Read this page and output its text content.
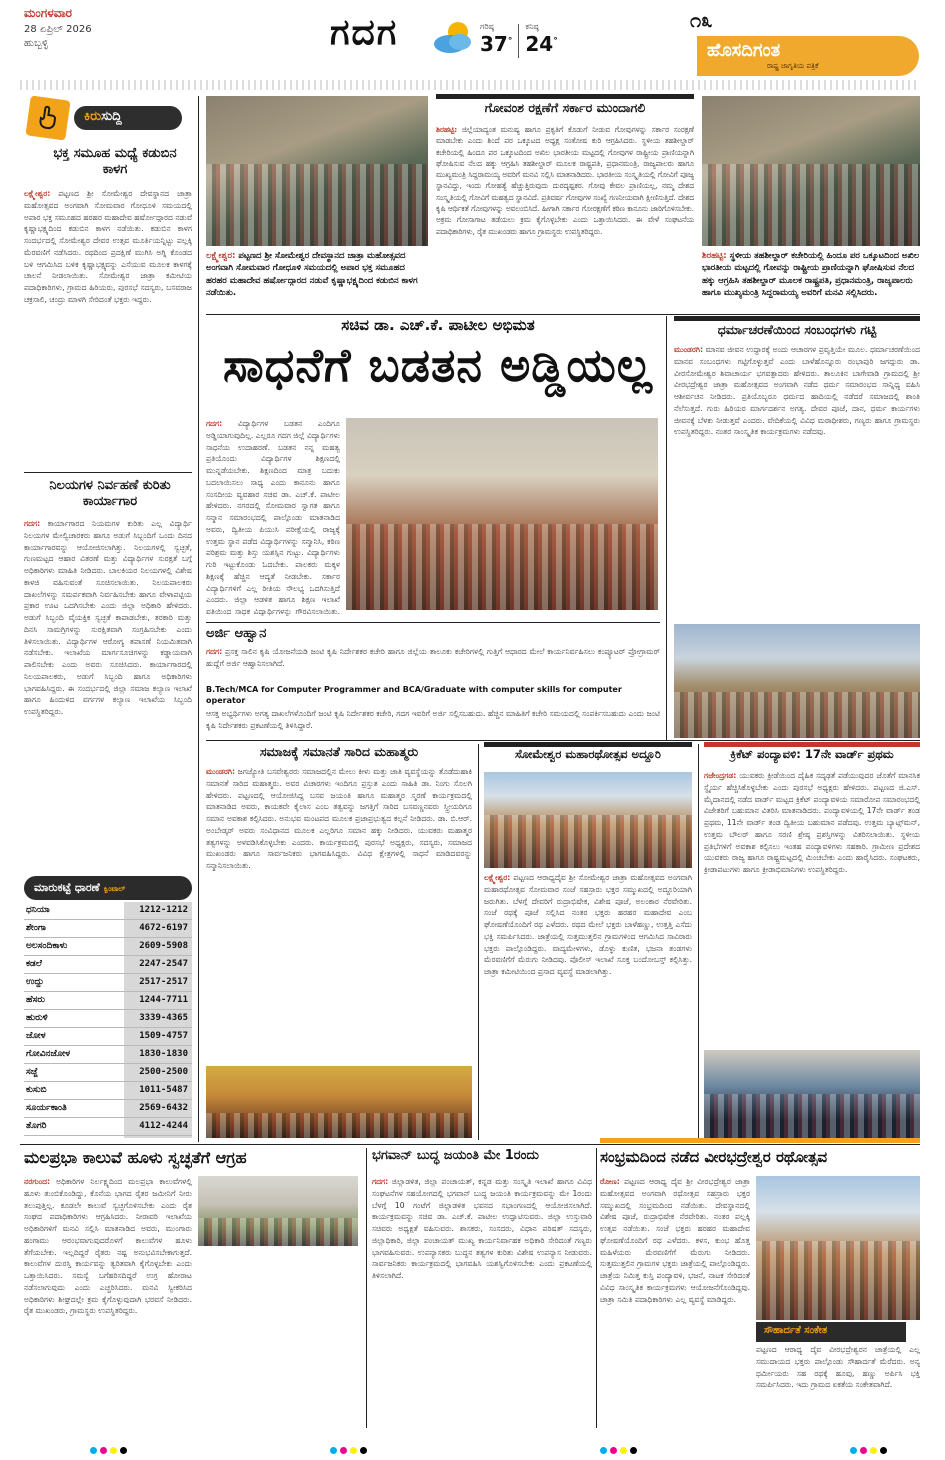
ಮಂಗಳವಾರ
28 ಏಪ್ರಿಲ್ 2026
ಹುಬ್ಬಳ್ಳಿ	ಗದಗ	ಗರಿಷ್ಠ
37°
ಕನಿಷ್ಠ
24°
೧೩
ಹೊಸದಿಗಂತ
ರಾಷ್ಟ್ರ ಜಾಗೃತಿಯ ಪತ್ರಿಕೆ
ಕಿರುಸುದ್ದಿ
ಭಕ್ತ ಸಮೂಹ ಮಧ್ಯೆ ಕಡುಬಿನ ಕಾಳಗ
ಲಕ್ಷ್ಮೇಶ್ವರ: ಪಟ್ಟಣದ ಶ್ರೀ ಸೋಮೇಶ್ವರ ದೇವಸ್ಥಾನದ ಜಾತ್ರಾ ಮಹೋತ್ಸವದ ಅಂಗವಾಗಿ ಸೋಮವಾರ ಗೋಧೂಳಿ ಸಮಯದಲ್ಲಿ ಅಪಾರ ಭಕ್ತ ಸಮೂಹದ ಹರಹರ ಮಹಾದೇವ ಹರ್ಷೋದ್ಗಾರದ ನಡುವೆ ಕೃಷ್ಣಾಭಕ್ಷ್ಯದಿಂದ ಕಡುಬಿನ ಕಾಳಗ ನಡೆಯಿತು. ಕಡುಬಿನ ಕಾಳಗ ಸಂದರ್ಭದಲ್ಲಿ ಸೋಮೇಶ್ವರ ದೇವರ ಉತ್ಸವ ಮೂರ್ತಿಯನ್ನಿಟ್ಟು ಪಲ್ಲಕ್ಕಿ ಮೆರವಣಿಗೆ ನಡೆಸಿದರು. ರಥದಿಂದ ಪ್ರದಕ್ಷಿಣೆ ಮುಗಿಸಿ ಅಗ್ನಿ ಕೊಂಡದ ಬಳಿ ಆಗಮಿಸಿದ ಬಳಿಕ ಕೃಷ್ಣಾಭಕ್ಷ್ಯವನ್ನು ಎಸೆಯುವ ಮೂಲಕ ಕಾಳಗಕ್ಕೆ ಚಾಲನೆ ನೀಡಲಾಯಿತು. ಸೋಮೇಶ್ವರ ಜಾತ್ರಾ ಕಮೀಟಿಯ ಪದಾಧಿಕಾರಿಗಳು, ಗ್ರಾಮದ ಹಿರಿಯರು, ಪುರಸಭೆ ಸದಸ್ಯರು, ಬಸವರಾಜ ಚಕ್ರಸಾಲಿ, ಚಂದ್ರು ಮಾಳಗಿ ಸೇರಿದಂತೆ ಭಕ್ತರು ಇದ್ದರು.
ನಿಲಯಗಳ ನಿರ್ವಹಣೆ ಕುರಿತು ಕಾರ್ಯಾಗಾರ
ಗದಗ: ಕಾರ್ಯಾಗಾರದ ನಿಯಮಗಳ ಕುರಿತು ಎಲ್ಲ ವಿದ್ಯಾರ್ಥಿ ನಿಲಯಗಳ ಮೇಲ್ವಿಚಾರಕರು ಹಾಗೂ ಅಡುಗೆ ಸಿಬ್ಬಂದಿಗೆ ಒಂದು ದಿನದ ಕಾರ್ಯಾಗಾರವನ್ನು ಆಯೋಜಿಸಲಾಗಿತ್ತು. ನಿಲಯಗಳಲ್ಲಿ ಸ್ವಚ್ಛತೆ, ಗುಣಮಟ್ಟದ ಆಹಾರ ವಿತರಣೆ ಮತ್ತು ವಿದ್ಯಾರ್ಥಿಗಳ ಸುರಕ್ಷತೆ ಬಗ್ಗೆ ಅಧಿಕಾರಿಗಳು ಮಾಹಿತಿ ನೀಡಿದರು. ಬಾಲಕಿಯರ ನಿಲಯಗಳಲ್ಲಿ ವಿಶೇಷ ಕಾಳಜಿ ವಹಿಸುವಂತೆ ಸೂಚಿಸಲಾಯಿತು. ನಿಲಯಪಾಲಕರು ದಾಖಲೆಗಳನ್ನು ಸಮರ್ಪಕವಾಗಿ ನಿರ್ವಹಿಸಬೇಕು ಹಾಗೂ ವೇಳಾಪಟ್ಟಿಯ ಪ್ರಕಾರ ಊಟ ಒದಗಿಸಬೇಕು ಎಂದು ಜಿಲ್ಲಾ ಅಧಿಕಾರಿ ಹೇಳಿದರು. ಅಡುಗೆ ಸಿಬ್ಬಂದಿ ವೈಯಕ್ತಿಕ ಸ್ವಚ್ಛತೆ ಕಾಪಾಡಬೇಕು, ತರಕಾರಿ ಮತ್ತು ದಿನಸಿ ಸಾಮಗ್ರಿಗಳನ್ನು ಸುರಕ್ಷಿತವಾಗಿ ಸಂಗ್ರಹಿಸಬೇಕು ಎಂದು ತಿಳಿಸಲಾಯಿತು. ವಿದ್ಯಾರ್ಥಿಗಳ ಆರೋಗ್ಯ ತಪಾಸಣೆ ನಿಯಮಿತವಾಗಿ ನಡೆಸಬೇಕು. ಇಲಾಖೆಯ ಮಾರ್ಗಸೂಚಿಗಳನ್ನು ಕಡ್ಡಾಯವಾಗಿ ಪಾಲಿಸಬೇಕು ಎಂದು ಅವರು ಸೂಚಿಸಿದರು. ಕಾರ್ಯಾಗಾರದಲ್ಲಿ ನಿಲಯಪಾಲಕರು, ಅಡುಗೆ ಸಿಬ್ಬಂದಿ ಹಾಗೂ ಅಧಿಕಾರಿಗಳು ಭಾಗವಹಿಸಿದ್ದರು. ಈ ಸಂದರ್ಭದಲ್ಲಿ ಜಿಲ್ಲಾ ಸಮಾಜ ಕಲ್ಯಾಣ ಇಲಾಖೆ ಹಾಗೂ ಹಿಂದುಳಿದ ವರ್ಗಗಳ ಕಲ್ಯಾಣ ಇಲಾಖೆಯ ಸಿಬ್ಬಂದಿ ಉಪಸ್ಥಿತರಿದ್ದರು.
ಮಾರುಕಟ್ಟೆ ಧಾರಣೆ ಕ್ವಿಂಟಾಲ್
ಧನಿಯಾ	1212-1212
ಶೇಂಗಾ	4672-6197
ಅಲಸಂದಿಕಾಳು	2609-5908
ಕಡಲೆ	2247-2547
ಉದ್ದು	2517-2517
ಹೆಸರು	1244-7711
ಹುರುಳಿ	3339-4365
ಜೋಳ	1509-4757
ಗೋವಿನಜೋಳ	1830-1830
ಸಜ್ಜೆ	2500-2500
ಕುಸುಬಿ	1011-5487
ಸೂರ್ಯಕಾಂತಿ	2569-6432
ತೊಗರಿ	4112-4244
ಲಕ್ಷ್ಮೇಶ್ವರ: ಪಟ್ಟಣದ ಶ್ರೀ ಸೋಮೇಶ್ವರ ದೇವಸ್ಥಾನದ ಜಾತ್ರಾ ಮಹೋತ್ಸವದ ಅಂಗವಾಗಿ ಸೋಮವಾರ ಗೋಧೂಳಿ ಸಮಯದಲ್ಲಿ ಅಪಾರ ಭಕ್ತ ಸಮೂಹದ ಹರಹರ ಮಹಾದೇವ ಹರ್ಷೋದ್ಗಾರದ ನಡುವೆ ಕೃಷ್ಣಾಭಕ್ಷ್ಯದಿಂದ ಕಡುಬಿನ ಕಾಳಗ ನಡೆಯಿತು.
ಗೋವಂಶ ರಕ್ಷಣೆಗೆ ಸರ್ಕಾರ ಮುಂದಾಗಲಿ
ಶಿರಹಟ್ಟಿ: ಜಿಲ್ಲೆಯಾದ್ಯಂತ ಮನುಷ್ಯ ಹಾಗೂ ಪ್ರಕೃತಿಗೆ ಕೊಡುಗೆ ನೀಡುವ ಗೋವುಗಳನ್ನು ಸರ್ಕಾರ ಸಂರಕ್ಷಣೆ ಮಾಡಬೇಕು ಎಂದು ಶಿಂದೆ ಪರ ಒಕ್ಕೂಟದ ಅಧ್ಯಕ್ಷ ಸಂತೋಷ ಕುರಿ ಆಗ್ರಹಿಸಿದರು. ಸ್ಥಳೀಯ ತಹಶೀಲ್ದಾರ್ ಕಚೇರಿಯಲ್ಲಿ ಹಿಂದೂ ಪರ ಒಕ್ಕೂಟದಿಂದ ಅಖಿಲ ಭಾರತೀಯ ಮಟ್ಟದಲ್ಲಿ ಗೋವುಗಳ ರಾಷ್ಟ್ರೀಯ ಪ್ರಾಣಿಯನ್ನಾಗಿ ಘೋಷಿಸುವ ನೆಲದ ಹಕ್ಕು ಆಗ್ರಹಿಸಿ ತಹಶೀಲ್ದಾರ್ ಮೂಲಕ ರಾಷ್ಟ್ರಪತಿ, ಪ್ರಧಾನಮಂತ್ರಿ, ರಾಜ್ಯಪಾಲರು ಹಾಗೂ ಮುಖ್ಯಮಂತ್ರಿ ಸಿದ್ದರಾಮಯ್ಯ ಅವರಿಗೆ ಮನವಿ ಸಲ್ಲಿಸಿ ಮಾತನಾಡಿದರು. ಭಾರತೀಯ ಸಂಸ್ಕೃತಿಯಲ್ಲಿ ಗೋವಿಗೆ ಪೂಜ್ಯ ಸ್ಥಾನವಿದ್ದು, ಇಂದು ಗೋಹತ್ಯೆ ಹೆಚ್ಚುತ್ತಿರುವುದು ದುರದೃಷ್ಟಕರ. ಗೋವು ಕೇವಲ ಪ್ರಾಣಿಯಲ್ಲ, ನಮ್ಮ ದೇಶದ ಸಂಸ್ಕೃತಿಯಲ್ಲಿ ಗೋವಿಗೆ ಮಹತ್ವದ ಸ್ಥಾನವಿದೆ. ಪ್ರತಿವರ್ಷ ಗೋವುಗಳ ಸಂಖ್ಯೆ ಗಣನೀಯವಾಗಿ ಕ್ಷೀಣಿಸುತ್ತಿದೆ. ದೇಶದ ಕೃಷಿ ಆರ್ಥಿಕತೆ ಗೋವುಗಳನ್ನು ಅವಲಂಬಿಸಿದೆ. ಹೀಗಾಗಿ ಸರ್ಕಾರ ಗೋರಕ್ಷಣೆಗೆ ಕಠಿಣ ಕಾನೂನು ಜಾರಿಗೊಳಿಸಬೇಕು. ಅಕ್ರಮ ಗೋಸಾಗಾಟ ತಡೆಯಲು ಕ್ರಮ ಕೈಗೊಳ್ಳಬೇಕು ಎಂದು ಒತ್ತಾಯಿಸಿದರು. ಈ ವೇಳೆ ಸಂಘಟನೆಯ ಪದಾಧಿಕಾರಿಗಳು, ರೈತ ಮುಖಂಡರು ಹಾಗೂ ಗ್ರಾಮಸ್ಥರು ಉಪಸ್ಥಿತರಿದ್ದರು.
ಶಿರಹಟ್ಟಿ: ಸ್ಥಳೀಯ ತಹಶೀಲ್ದಾರ್ ಕಚೇರಿಯಲ್ಲಿ ಹಿಂದೂ ಪರ ಒಕ್ಕೂಟದಿಂದ ಅಖಿಲ ಭಾರತೀಯ ಮಟ್ಟದಲ್ಲಿ ಗೋವನ್ನು ರಾಷ್ಟ್ರೀಯ ಪ್ರಾಣಿಯನ್ನಾಗಿ ಘೋಷಿಸುವ ನೆಲದ ಹಕ್ಕು ಆಗ್ರಹಿಸಿ ತಹಶೀಲ್ದಾರ್ ಮೂಲಕ ರಾಷ್ಟ್ರಪತಿ, ಪ್ರಧಾನಮಂತ್ರಿ, ರಾಜ್ಯಪಾಲರು ಹಾಗೂ ಮುಖ್ಯಮಂತ್ರಿ ಸಿದ್ದರಾಮಯ್ಯ ಅವರಿಗೆ ಮನವಿ ಸಲ್ಲಿಸಿದರು.
ಸಚಿವ ಡಾ. ಎಚ್.ಕೆ. ಪಾಟೀಲ ಅಭಿಮತ
ಸಾಧನೆಗೆ ಬಡತನ ಅಡ್ಡಿಯಲ್ಲ
ಗದಗ: ವಿದ್ಯಾರ್ಥಿಗಳ ಬಡತನ ಎಂದಿಗೂ ಅಡ್ಡಿಯಾಗುವುದಿಲ್ಲ. ಎಲ್ಲರೂ ಗದಗ ಜಿಲ್ಲೆ ವಿದ್ಯಾರ್ಥಿಗಳು ಸಾಧನೆಯ ಉದಾಹರಣೆ. ಬಡತನ ನನ್ನ ಮಹತ್ವ ಪ್ರತಿಯೊಂದು ವಿದ್ಯಾರ್ಥಿಗಳ ಶಿಕ್ಷಣದಲ್ಲಿ ಮುನ್ನಡೆಯಬೇಕು. ಶಿಕ್ಷಣದಿಂದ ಮಾತ್ರ ಬದುಕು ಬದಲಾಯಿಸಲು ಸಾಧ್ಯ ಎಂದು ಕಾನೂನು ಹಾಗೂ ಸಂಸದೀಯ ವ್ಯವಹಾರ ಸಚಿವ ಡಾ. ಎಚ್.ಕೆ. ಪಾಟೀಲ ಹೇಳಿದರು. ನಗರದಲ್ಲಿ ಸೋಮವಾರ ಸ್ವಾಗತ ಹಾಗೂ ಸನ್ಮಾನ ಸಮಾರಂಭದಲ್ಲಿ ಪಾಲ್ಗೊಂಡು ಮಾತನಾಡಿದ ಅವರು, ದ್ವಿತೀಯ ಪಿಯುಸಿ ಪರೀಕ್ಷೆಯಲ್ಲಿ ರಾಜ್ಯಕ್ಕೆ ಉತ್ತಮ ಸ್ಥಾನ ಪಡೆದ ವಿದ್ಯಾರ್ಥಿಗಳನ್ನು ಸನ್ಮಾನಿಸಿ, ಕಠಿಣ ಪರಿಶ್ರಮ ಮತ್ತು ಶಿಸ್ತು ಯಶಸ್ಸಿನ ಗುಟ್ಟು. ವಿದ್ಯಾರ್ಥಿಗಳು ಗುರಿ ಇಟ್ಟುಕೊಂಡು ಓದಬೇಕು. ಪಾಲಕರು ಮಕ್ಕಳ ಶಿಕ್ಷಣಕ್ಕೆ ಹೆಚ್ಚಿನ ಆದ್ಯತೆ ನೀಡಬೇಕು. ಸರ್ಕಾರ ವಿದ್ಯಾರ್ಥಿಗಳಿಗೆ ಎಲ್ಲ ರೀತಿಯ ಸೌಲಭ್ಯ ಒದಗಿಸುತ್ತಿದೆ ಎಂದರು. ಜಿಲ್ಲಾ ಆಡಳಿತ ಹಾಗೂ ಶಿಕ್ಷಣ ಇಲಾಖೆ ವತಿಯಿಂದ ಸಾಧಕ ವಿದ್ಯಾರ್ಥಿಗಳನ್ನು ಗೌರವಿಸಲಾಯಿತು.
ಧರ್ಮಾಚರಣೆಯಿಂದ ಸಂಬಂಧಗಳು ಗಟ್ಟಿ
ಮುಂಡರಗಿ: ಮಾನವ ಜೀವನ ಉದ್ಧಾರಕ್ಕೆ ಅಂದು ಆಚಾರಗಳ ಪ್ರವೃತ್ತಿಯೇ ಮೂಲ. ಧರ್ಮಾಚರಣೆಯಿಂದ ಮಾನವ ಸಂಬಂಧಗಳು ಗಟ್ಟಿಗೊಳ್ಳುತ್ತವೆ ಎಂದು ಬಾಳೆಹೊನ್ನೂರು ರಂಭಾಪುರಿ ಜಗದ್ಗುರು ಡಾ. ವೀರಸೋಮೇಶ್ವರ ಶಿವಾಚಾರ್ಯ ಭಗವತ್ಪಾದರು ಹೇಳಿದರು. ತಾಲೂಕಿನ ಬಾಗೇವಾಡಿ ಗ್ರಾಮದಲ್ಲಿ ಶ್ರೀ ವೀರಭದ್ರೇಶ್ವರ ಜಾತ್ರಾ ಮಹೋತ್ಸವದ ಅಂಗವಾಗಿ ನಡೆದ ಧರ್ಮ ಸಮಾರಂಭದ ಸಾನ್ನಿಧ್ಯ ವಹಿಸಿ ಆಶೀರ್ವಚನ ನೀಡಿದರು. ಪ್ರತಿಯೊಬ್ಬರೂ ಧರ್ಮದ ಹಾದಿಯಲ್ಲಿ ನಡೆದರೆ ಸಮಾಜದಲ್ಲಿ ಶಾಂತಿ ನೆಲೆಸುತ್ತದೆ. ಗುರು ಹಿರಿಯರ ಮಾರ್ಗದರ್ಶನ ಅಗತ್ಯ. ದೇವರ ಪೂಜೆ, ದಾನ, ಧರ್ಮ ಕಾರ್ಯಗಳು ಜೀವನಕ್ಕೆ ಬೆಳಕು ನೀಡುತ್ತವೆ ಎಂದರು. ವೇದಿಕೆಯಲ್ಲಿ ವಿವಿಧ ಮಠಾಧೀಶರು, ಗಣ್ಯರು ಹಾಗೂ ಗ್ರಾಮಸ್ಥರು ಉಪಸ್ಥಿತರಿದ್ದರು. ನಂತರ ಸಾಂಸ್ಕೃತಿಕ ಕಾರ್ಯಕ್ರಮಗಳು ನಡೆದವು.
ಅರ್ಜಿ ಆಹ್ವಾನ
ಗದಗ: ಪ್ರಸಕ್ತ ಸಾಲಿನ ಕೃಷಿ ಯೋಜನೆಯಡಿ ಜಂಟಿ ಕೃಷಿ ನಿರ್ದೇಶಕರ ಕಚೇರಿ ಹಾಗೂ ಜಿಲ್ಲೆಯ ತಾಲೂಕು ಕಚೇರಿಗಳಲ್ಲಿ ಗುತ್ತಿಗೆ ಆಧಾರದ ಮೇಲೆ ಕಾರ್ಯನಿರ್ವಹಿಸಲು ಕಂಪ್ಯೂಟರ್ ಪ್ರೋಗ್ರಾಮರ್ ಹುದ್ದೆಗೆ ಅರ್ಜಿ ಆಹ್ವಾನಿಸಲಾಗಿದೆ.
B.Tech/MCA for Computer Programmer and BCA/Graduate with computer skills for computer operator
ಆಸಕ್ತ ಅಭ್ಯರ್ಥಿಗಳು ಅಗತ್ಯ ದಾಖಲೆಗಳೊಂದಿಗೆ ಜಂಟಿ ಕೃಷಿ ನಿರ್ದೇಶಕರ ಕಚೇರಿ, ಗದಗ ಇವರಿಗೆ ಅರ್ಜಿ ಸಲ್ಲಿಸಬಹುದು. ಹೆಚ್ಚಿನ ಮಾಹಿತಿಗೆ ಕಚೇರಿ ಸಮಯದಲ್ಲಿ ಸಂಪರ್ಕಿಸಬಹುದು ಎಂದು ಜಂಟಿ ಕೃಷಿ ನಿರ್ದೇಶಕರು ಪ್ರಕಟಣೆಯಲ್ಲಿ ತಿಳಿಸಿದ್ದಾರೆ.
ಸಮಾಜಕ್ಕೆ ಸಮಾನತೆ ಸಾರಿದ ಮಹಾತ್ಮರು
ಮುಂಡರಗಿ: ಜಗಜ್ಯೋತಿ ಬಸವೇಶ್ವರರು ಸಮಾಜದಲ್ಲಿನ ಮೇಲು ಕೀಳು ಮತ್ತು ಜಾತಿ ವ್ಯವಸ್ಥೆಯನ್ನು ತೊಡೆದುಹಾಕಿ ಸಮಾನತೆ ಸಾರಿದ ಮಹಾತ್ಮರು. ಅವರ ವಿಚಾರಗಳು ಇಂದಿಗೂ ಪ್ರಸ್ತುತ ಎಂದು ಸಾಹಿತಿ ಡಾ. ನಿಂಗು ಸೊಲಗಿ ಹೇಳಿದರು. ಪಟ್ಟಣದಲ್ಲಿ ಆಯೋಜಿಸಿದ್ದ ಬಸವ ಜಯಂತಿ ಹಾಗೂ ಮಹಾತ್ಮರ ಸ್ಮರಣೆ ಕಾರ್ಯಕ್ರಮದಲ್ಲಿ ಮಾತನಾಡಿದ ಅವರು, ಕಾಯಕವೇ ಕೈಲಾಸ ಎಂಬ ತತ್ವವನ್ನು ಜಗತ್ತಿಗೆ ಸಾರಿದ ಬಸವಣ್ಣನವರು ಸ್ತ್ರೀಯರಿಗೂ ಸಮಾನ ಅವಕಾಶ ಕಲ್ಪಿಸಿದರು. ಅನುಭವ ಮಂಟಪದ ಮೂಲಕ ಪ್ರಜಾಪ್ರಭುತ್ವದ ಕಲ್ಪನೆ ನೀಡಿದರು. ಡಾ. ಬಿ.ಆರ್. ಅಂಬೇಡ್ಕರ್ ಅವರು ಸಂವಿಧಾನದ ಮೂಲಕ ಎಲ್ಲರಿಗೂ ಸಮಾನ ಹಕ್ಕು ನೀಡಿದರು. ಯುವಕರು ಮಹಾತ್ಮರ ತತ್ವಗಳನ್ನು ಅಳವಡಿಸಿಕೊಳ್ಳಬೇಕು ಎಂದರು. ಕಾರ್ಯಕ್ರಮದಲ್ಲಿ ಪುರಸಭೆ ಅಧ್ಯಕ್ಷರು, ಸದಸ್ಯರು, ಸಮಾಜದ ಮುಖಂಡರು ಹಾಗೂ ಸಾರ್ವಜನಿಕರು ಭಾಗವಹಿಸಿದ್ದರು. ವಿವಿಧ ಕ್ಷೇತ್ರಗಳಲ್ಲಿ ಸಾಧನೆ ಮಾಡಿದವರನ್ನು ಸನ್ಮಾನಿಸಲಾಯಿತು.
ಸೋಮೇಶ್ವರ ಮಹಾರಥೋತ್ಸವ ಅದ್ದೂರಿ
ಲಕ್ಷ್ಮೇಶ್ವರ: ಪಟ್ಟಣದ ಆರಾಧ್ಯದೈವ ಶ್ರೀ ಸೋಮೇಶ್ವರ ಜಾತ್ರಾ ಮಹೋತ್ಸವದ ಅಂಗವಾಗಿ ಮಹಾರಥೋತ್ಸವ ಸೋಮವಾರ ಸಂಜೆ ಸಹಸ್ರಾರು ಭಕ್ತರ ಸಮ್ಮುಖದಲ್ಲಿ ಅದ್ದೂರಿಯಾಗಿ ಜರುಗಿತು. ಬೆಳಗ್ಗೆ ದೇವರಿಗೆ ರುದ್ರಾಭಿಷೇಕ, ವಿಶೇಷ ಪೂಜೆ, ಅಲಂಕಾರ ನೆರವೇರಿತು. ಸಂಜೆ ರಥಕ್ಕೆ ಪೂಜೆ ಸಲ್ಲಿಸಿದ ನಂತರ ಭಕ್ತರು ಹರಹರ ಮಹಾದೇವ ಎಂಬ ಘೋಷಣೆಯೊಂದಿಗೆ ರಥ ಎಳೆದರು. ರಥದ ಮೇಲೆ ಭಕ್ತರು ಬಾಳೆಹಣ್ಣು, ಉತ್ತತ್ತಿ ಎಸೆದು ಭಕ್ತಿ ಸಮರ್ಪಿಸಿದರು. ಜಾತ್ರೆಯಲ್ಲಿ ಸುತ್ತಮುತ್ತಲಿನ ಗ್ರಾಮಗಳಿಂದ ಆಗಮಿಸಿದ ಸಾವಿರಾರು ಭಕ್ತರು ಪಾಲ್ಗೊಂಡಿದ್ದರು. ವಾದ್ಯಮೇಳಗಳು, ಡೊಳ್ಳು ಕುಣಿತ, ಭಜನಾ ತಂಡಗಳು ಮೆರವಣಿಗೆಗೆ ಮೆರುಗು ನೀಡಿದವು. ಪೊಲೀಸ್ ಇಲಾಖೆ ಸೂಕ್ತ ಬಂದೋಬಸ್ತ್ ಕಲ್ಪಿಸಿತ್ತು. ಜಾತ್ರಾ ಕಮೀಟಿಯಿಂದ ಪ್ರಸಾದ ವ್ಯವಸ್ಥೆ ಮಾಡಲಾಗಿತ್ತು.
ಕ್ರಿಕೆಟ್ ಪಂದ್ಯಾವಳಿ: 17ನೇ ವಾರ್ಡ್ ಪ್ರಥಮ
ಗಜೇಂದ್ರಗಡ: ಯುವಕರು ಕ್ರೀಡೆಯಿಂದ ದೈಹಿಕ ಸದೃಢತೆ ಪಡೆಯುವುದರ ಜೊತೆಗೆ ಮಾನಸಿಕ ಸ್ಥೈರ್ಯ ಹೆಚ್ಚಿಸಿಕೊಳ್ಳಬೇಕು ಎಂದು ಪುರಸಭೆ ಅಧ್ಯಕ್ಷರು ಹೇಳಿದರು. ಪಟ್ಟಣದ ಜಿ.ಎಸ್. ಮೈದಾನದಲ್ಲಿ ನಡೆದ ವಾರ್ಡ್ ಮಟ್ಟದ ಕ್ರಿಕೆಟ್ ಪಂದ್ಯಾವಳಿಯ ಸಮಾರೋಪ ಸಮಾರಂಭದಲ್ಲಿ ವಿಜೇತರಿಗೆ ಬಹುಮಾನ ವಿತರಿಸಿ ಮಾತನಾಡಿದರು. ಪಂದ್ಯಾವಳಿಯಲ್ಲಿ 17ನೇ ವಾರ್ಡ್ ತಂಡ ಪ್ರಥಮ, 11ನೇ ವಾರ್ಡ್ ತಂಡ ದ್ವಿತೀಯ ಬಹುಮಾನ ಪಡೆದವು. ಉತ್ತಮ ಬ್ಯಾಟ್ಸ್‌ಮನ್, ಉತ್ತಮ ಬೌಲರ್ ಹಾಗೂ ಸರಣಿ ಶ್ರೇಷ್ಠ ಪ್ರಶಸ್ತಿಗಳನ್ನು ವಿತರಿಸಲಾಯಿತು. ಸ್ಥಳೀಯ ಪ್ರತಿಭೆಗಳಿಗೆ ಅವಕಾಶ ಕಲ್ಪಿಸಲು ಇಂತಹ ಪಂದ್ಯಾವಳಿಗಳು ಸಹಕಾರಿ. ಗ್ರಾಮೀಣ ಪ್ರದೇಶದ ಯುವಕರು ರಾಜ್ಯ ಹಾಗೂ ರಾಷ್ಟ್ರಮಟ್ಟದಲ್ಲಿ ಮಿಂಚಬೇಕು ಎಂದು ಹಾರೈಸಿದರು. ಸಂಘಟಕರು, ಕ್ರೀಡಾಪಟುಗಳು ಹಾಗೂ ಕ್ರೀಡಾಭಿಮಾನಿಗಳು ಉಪಸ್ಥಿತರಿದ್ದರು.
ಮಲಪ್ರಭಾ ಕಾಲುವೆ ಹೂಳು ಸ್ವಚ್ಛತೆಗೆ ಆಗ್ರಹ
ನರಗುಂದ: ಅಧಿಕಾರಿಗಳ ನಿರ್ಲಕ್ಷ್ಯದಿಂದ ಮಲಪ್ರಭಾ ಕಾಲುವೆಗಳಲ್ಲಿ ಹೂಳು ತುಂಬಿಕೊಂಡಿದ್ದು, ಕೊನೆಯ ಭಾಗದ ರೈತರ ಜಮೀನಿಗೆ ನೀರು ತಲುಪುತ್ತಿಲ್ಲ. ಕೂಡಲೇ ಕಾಲುವೆ ಸ್ವಚ್ಛಗೊಳಿಸಬೇಕು ಎಂದು ರೈತ ಸಂಘದ ಪದಾಧಿಕಾರಿಗಳು ಆಗ್ರಹಿಸಿದರು. ನೀರಾವರಿ ಇಲಾಖೆಯ ಅಧಿಕಾರಿಗಳಿಗೆ ಮನವಿ ಸಲ್ಲಿಸಿ ಮಾತನಾಡಿದ ಅವರು, ಮುಂಗಾರು ಹಂಗಾಮು ಆರಂಭವಾಗುವುದರೊಳಗೆ ಕಾಲುವೆಗಳ ಹೂಳು ತೆಗೆಯಬೇಕು. ಇಲ್ಲದಿದ್ದರೆ ರೈತರು ನಷ್ಟ ಅನುಭವಿಸಬೇಕಾಗುತ್ತದೆ. ಕಾಲುವೆಗಳ ದುರಸ್ತಿ ಕಾರ್ಯವನ್ನು ತ್ವರಿತವಾಗಿ ಕೈಗೊಳ್ಳಬೇಕು ಎಂದು ಒತ್ತಾಯಿಸಿದರು. ಸಮಸ್ಯೆ ಬಗೆಹರಿಸದಿದ್ದರೆ ಉಗ್ರ ಹೋರಾಟ ನಡೆಸಲಾಗುವುದು ಎಂದು ಎಚ್ಚರಿಸಿದರು. ಮನವಿ ಸ್ವೀಕರಿಸಿದ ಅಧಿಕಾರಿಗಳು ಶೀಘ್ರದಲ್ಲೇ ಕ್ರಮ ಕೈಗೊಳ್ಳುವುದಾಗಿ ಭರವಸೆ ನೀಡಿದರು. ರೈತ ಮುಖಂಡರು, ಗ್ರಾಮಸ್ಥರು ಉಪಸ್ಥಿತರಿದ್ದರು.
ಭಗವಾನ್ ಬುದ್ಧ ಜಯಂತಿ ಮೇ 1ರಂದು
ಗದಗ: ಜಿಲ್ಲಾಡಳಿತ, ಜಿಲ್ಲಾ ಪಂಚಾಯತ್, ಕನ್ನಡ ಮತ್ತು ಸಂಸ್ಕೃತಿ ಇಲಾಖೆ ಹಾಗೂ ವಿವಿಧ ಸಂಘಟನೆಗಳ ಸಹಯೋಗದಲ್ಲಿ ಭಗವಾನ್ ಬುದ್ಧ ಜಯಂತಿ ಕಾರ್ಯಕ್ರಮವನ್ನು ಮೇ 1ರಂದು ಬೆಳಗ್ಗೆ 10 ಗಂಟೆಗೆ ಜಿಲ್ಲಾಡಳಿತ ಭವನದ ಸಭಾಂಗಣದಲ್ಲಿ ಆಯೋಜಿಸಲಾಗಿದೆ. ಕಾರ್ಯಕ್ರಮವನ್ನು ಸಚಿವ ಡಾ. ಎಚ್.ಕೆ. ಪಾಟೀಲ ಉದ್ಘಾಟಿಸುವರು. ಜಿಲ್ಲಾ ಉಸ್ತುವಾರಿ ಸಚಿವರು ಅಧ್ಯಕ್ಷತೆ ವಹಿಸುವರು. ಶಾಸಕರು, ಸಂಸದರು, ವಿಧಾನ ಪರಿಷತ್ ಸದಸ್ಯರು, ಜಿಲ್ಲಾಧಿಕಾರಿ, ಜಿಲ್ಲಾ ಪಂಚಾಯತ್ ಮುಖ್ಯ ಕಾರ್ಯನಿರ್ವಾಹಕ ಅಧಿಕಾರಿ ಸೇರಿದಂತೆ ಗಣ್ಯರು ಭಾಗವಹಿಸುವರು. ಉಪನ್ಯಾಸಕರು ಬುದ್ಧನ ತತ್ವಗಳ ಕುರಿತು ವಿಶೇಷ ಉಪನ್ಯಾಸ ನೀಡುವರು. ಸಾರ್ವಜನಿಕರು ಕಾರ್ಯಕ್ರಮದಲ್ಲಿ ಭಾಗವಹಿಸಿ ಯಶಸ್ವಿಗೊಳಿಸಬೇಕು ಎಂದು ಪ್ರಕಟಣೆಯಲ್ಲಿ ತಿಳಿಸಲಾಗಿದೆ.
ಸಂಭ್ರಮದಿಂದ ನಡೆದ ವೀರಭದ್ರೇಶ್ವರ ರಥೋತ್ಸವ
ರೋಣ: ಪಟ್ಟಣದ ಆರಾಧ್ಯ ದೈವ ಶ್ರೀ ವೀರಭದ್ರೇಶ್ವರ ಜಾತ್ರಾ ಮಹೋತ್ಸವದ ಅಂಗವಾಗಿ ರಥೋತ್ಸವ ಸಹಸ್ರಾರು ಭಕ್ತರ ಸಮ್ಮುಖದಲ್ಲಿ ಸಂಭ್ರಮದಿಂದ ನಡೆಯಿತು. ದೇವಸ್ಥಾನದಲ್ಲಿ ವಿಶೇಷ ಪೂಜೆ, ರುದ್ರಾಭಿಷೇಕ ನೆರವೇರಿತು. ನಂತರ ಪಲ್ಲಕ್ಕಿ ಉತ್ಸವ ನಡೆಯಿತು. ಸಂಜೆ ಭಕ್ತರು ಹರಹರ ಮಹಾದೇವ ಘೋಷಣೆಯೊಂದಿಗೆ ರಥ ಎಳೆದರು. ಕಳಸ, ಕುಂಭ ಹೊತ್ತ ಮಹಿಳೆಯರು ಮೆರವಣಿಗೆಗೆ ಮೆರುಗು ನೀಡಿದರು. ಸುತ್ತಮುತ್ತಲಿನ ಗ್ರಾಮಗಳ ಭಕ್ತರು ಜಾತ್ರೆಯಲ್ಲಿ ಪಾಲ್ಗೊಂಡಿದ್ದರು. ಜಾತ್ರೆಯ ನಿಮಿತ್ತ ಕುಸ್ತಿ ಪಂದ್ಯಾವಳಿ, ಭಜನೆ, ನಾಟಕ ಸೇರಿದಂತೆ ವಿವಿಧ ಸಾಂಸ್ಕೃತಿಕ ಕಾರ್ಯಕ್ರಮಗಳು ಆಯೋಜನೆಗೊಂಡಿದ್ದವು. ಜಾತ್ರಾ ಸಮಿತಿ ಪದಾಧಿಕಾರಿಗಳು ಎಲ್ಲ ವ್ಯವಸ್ಥೆ ಮಾಡಿದ್ದರು.
ಸೌಹಾರ್ದತೆ ಸಂಕೇತ
ಪಟ್ಟಣದ ಆರಾಧ್ಯ ದೈವ ವೀರಭದ್ರೇಶ್ವರನ ಜಾತ್ರೆಯಲ್ಲಿ ಎಲ್ಲ ಸಮುದಾಯದ ಭಕ್ತರು ಪಾಲ್ಗೊಂಡು ಸೌಹಾರ್ದತೆ ಮೆರೆದರು. ಅನ್ಯ ಧರ್ಮೀಯರು ಸಹ ರಥಕ್ಕೆ ಹೂವು, ಹಣ್ಣು ಅರ್ಪಿಸಿ ಭಕ್ತಿ ಸಮರ್ಪಿಸಿದರು. ಇದು ಗ್ರಾಮದ ಏಕತೆಯ ಸಂಕೇತವಾಗಿದೆ.
